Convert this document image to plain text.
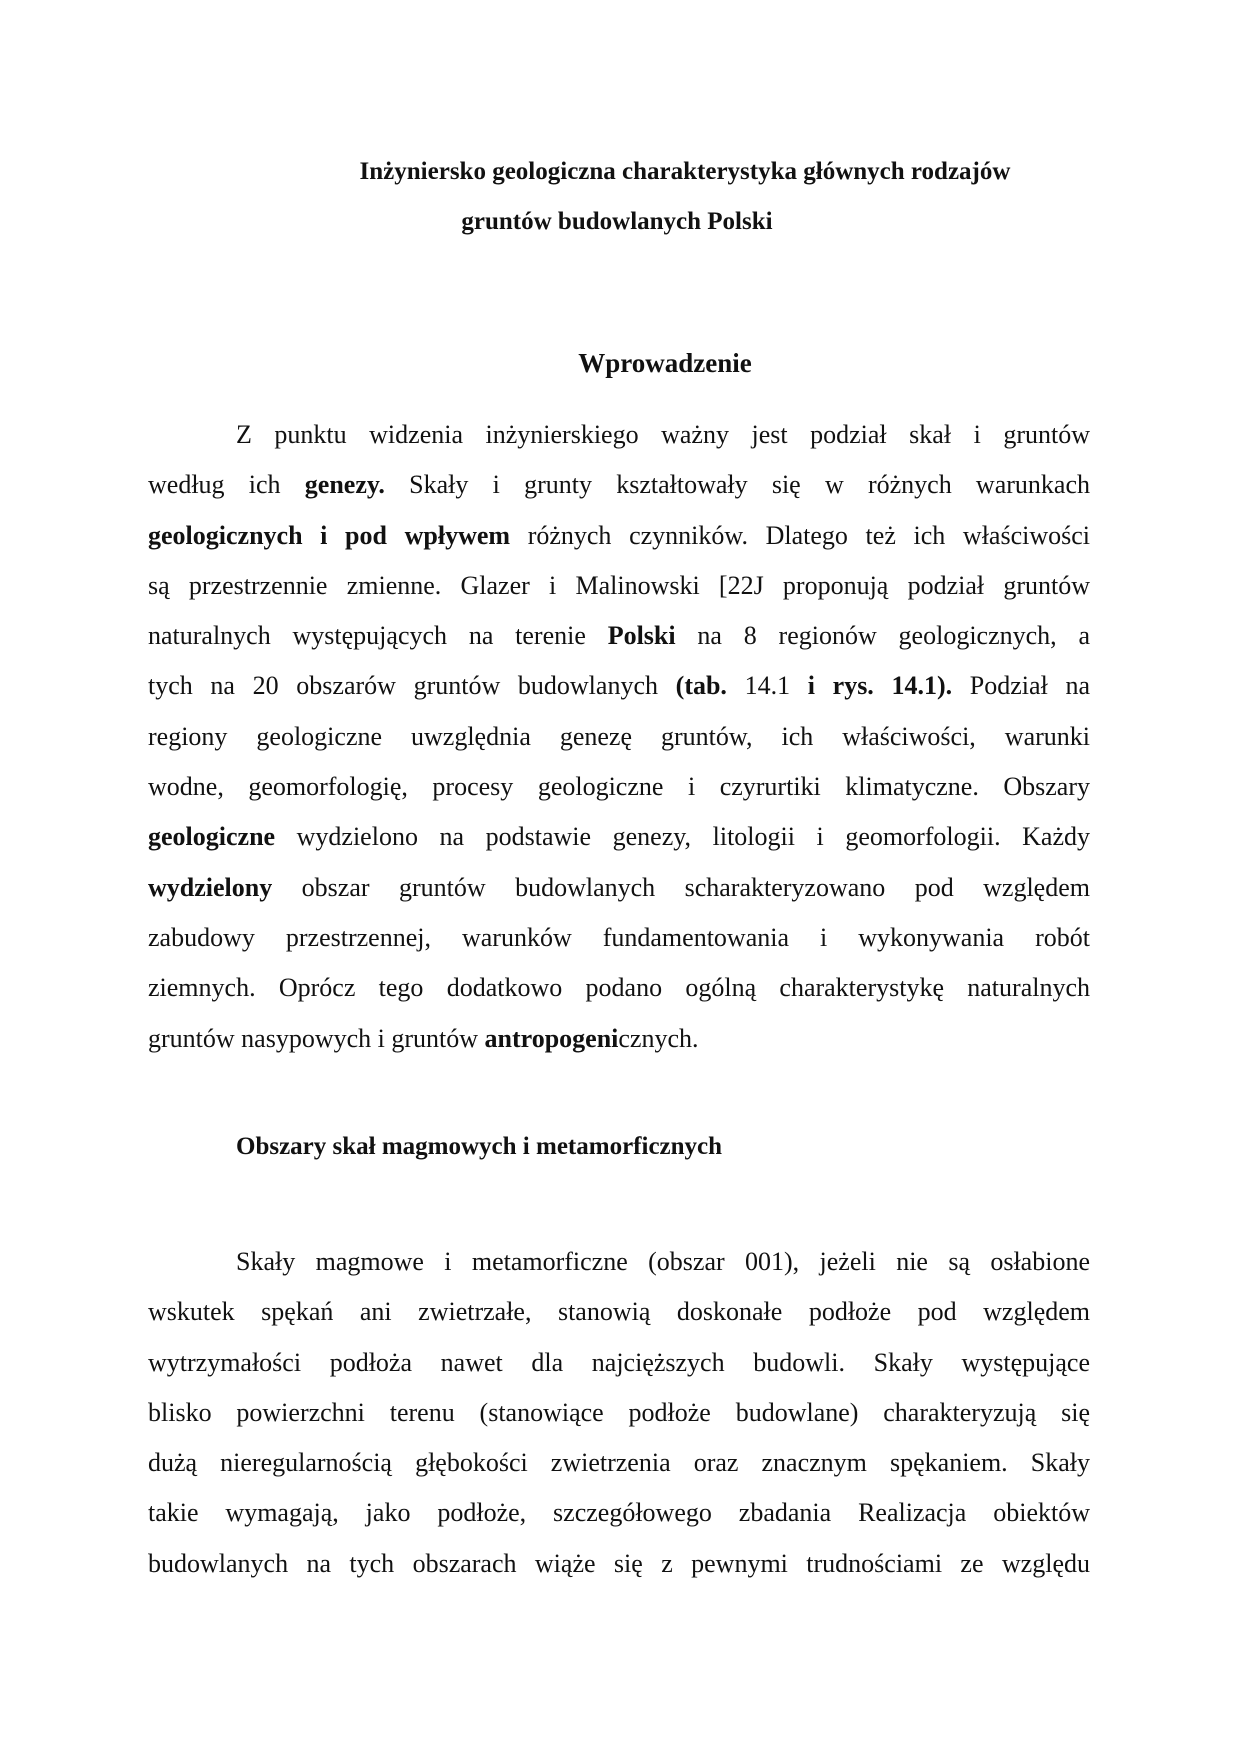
Inżyniersko geologiczna charakterystyka głównych rodzajów
gruntów budowlanych Polski
Wprowadzenie
Z punktu widzenia inżynierskiego ważny jest podział skał i gruntów
według ich genezy. Skały i grunty kształtowały się w różnych warunkach
geologicznych i pod wpływem różnych czynników. Dlatego też ich właściwości
są przestrzennie zmienne. Glazer i Malinowski [22J proponują podział gruntów
naturalnych występujących na terenie Polski na 8 regionów geologicznych, a
tych na 20 obszarów gruntów budowlanych (tab. 14.1 i rys. 14.1). Podział na
regiony geologiczne uwzględnia genezę gruntów, ich właściwości, warunki
wodne, geomorfologię, procesy geologiczne i czyrurtiki klimatyczne. Obszary
geologiczne wydzielono na podstawie genezy, litologii i geomorfologii. Każdy
wydzielony obszar gruntów budowlanych scharakteryzowano pod względem
zabudowy przestrzennej, warunków fundamentowania i wykonywania robót
ziemnych. Oprócz tego dodatkowo podano ogólną charakterystykę naturalnych
gruntów nasypowych i gruntów antropogenicznych.
Obszary skał magmowych i metamorficznych
Skały magmowe i metamorficzne (obszar 001), jeżeli nie są osłabione
wskutek spękań ani zwietrzałe, stanowią doskonałe podłoże pod względem
wytrzymałości podłoża nawet dla najcięższych budowli. Skały występujące
blisko powierzchni terenu (stanowiące podłoże budowlane) charakteryzują się
dużą nieregularnością głębokości zwietrzenia oraz znacznym spękaniem. Skały
takie wymagają, jako podłoże, szczegółowego zbadania Realizacja obiektów
budowlanych na tych obszarach wiąże się z pewnymi trudnościami ze względu
